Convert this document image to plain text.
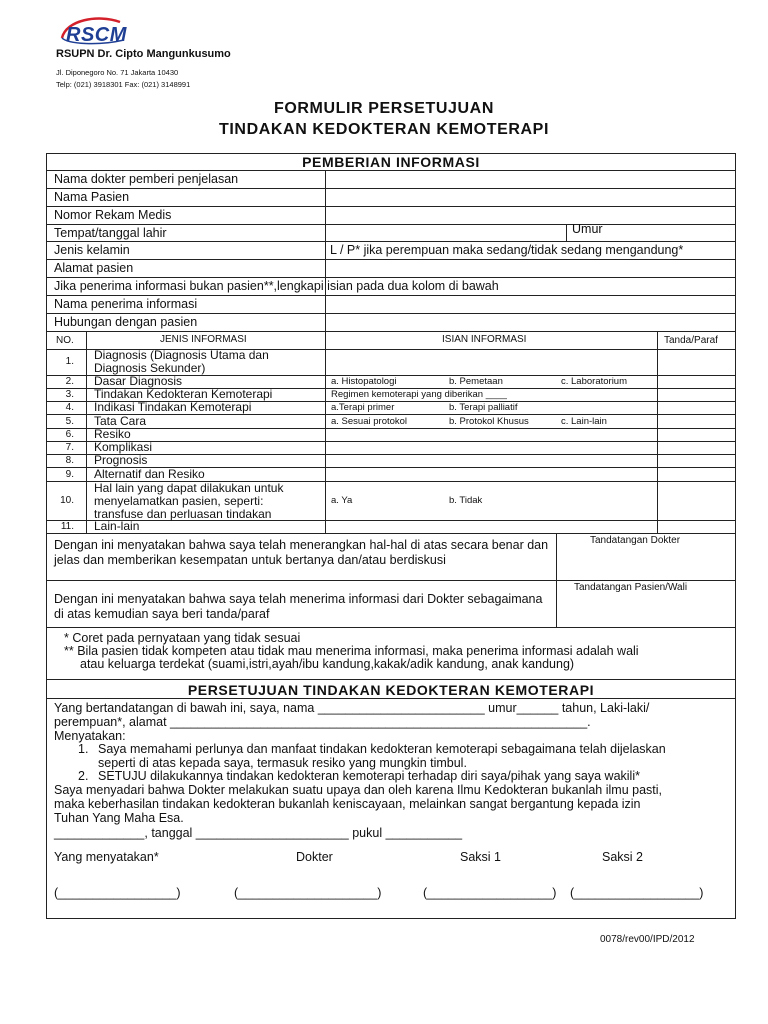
RSCM
RSUPN Dr. Cipto Mangunkusumo
Jl. Diponegoro No. 71 Jakarta 10430
Telp: (021) 3918301 Fax: (021) 3148991
FORMULIR PERSETUJUAN
TINDAKAN KEDOKTERAN KEMOTERAPI
PEMBERIAN INFORMASI
Nama dokter pemberi penjelasan
Nama Pasien
Nomor Rekam Medis
Tempat/tanggal lahir	Umur
Jenis kelamin	L / P* jika perempuan maka sedang/tidak sedang mengandung*
Alamat pasien
Jika penerima informasi bukan pasien**,lengkapi isian pada dua kolom di bawah
Nama penerima informasi
Hubungan dengan pasien
NO.	JENIS INFORMASI	ISIAN INFORMASI	Tanda/Paraf
1. Diagnosis (Diagnosis Utama dan
Diagnosis Sekunder)
2. Dasar Diagnosis	a. Histopatologi	b. Pemetaan	c. Laboratorium
3. Tindakan Kedokteran Kemoterapi	Regimen kemoterapi yang diberikan ____
4. Indikasi Tindakan Kemoterapi	a.Terapi primer	b. Terapi palliatif
5. Tata Cara	a. Sesuai protokol	b. Protokol Khusus	c. Lain-lain
6. Resiko
7. Komplikasi
8. Prognosis
9. Alternatif dan Resiko
10.
Hal lain yang dapat dilakukan untuk
menyelamatkan pasien, seperti:
transfuse dan perluasan tindakan
a. Ya	b. Tidak
11. Lain-lain
Dengan ini menyatakan bahwa saya telah menerangkan hal-hal di atas secara benar dan jelas dan memberikan kesempatan untuk bertanya dan/atau berdiskusi
Tandatangan Dokter
Dengan ini menyatakan bahwa saya telah menerima informasi dari Dokter sebagaimana di atas kemudian saya beri tanda/paraf
Tandatangan Pasien/Wali
* Coret pada pernyataan yang tidak sesuai
** Bila pasien tidak kompeten atau tidak mau menerima informasi, maka penerima informasi adalah wali
atau keluarga terdekat (suami,istri,ayah/ibu kandung,kakak/adik kandung, anak kandung)
PERSETUJUAN TINDAKAN KEDOKTERAN KEMOTERAPI
Yang bertandatangan di bawah ini, saya, nama ________________________ umur______ tahun, Laki-laki/
perempuan*, alamat ____________________________________________________________.
Menyatakan:
1. Saya memahami perlunya dan manfaat tindakan kedokteran kemoterapi sebagaimana telah dijelaskan
seperti di atas kepada saya, termasuk resiko yang mungkin timbul.
2. SETUJU dilakukannya tindakan kedokteran kemoterapi terhadap diri saya/pihak yang saya wakili*
Saya menyadari bahwa Dokter melakukan suatu upaya dan oleh karena Ilmu Kedokteran bukanlah ilmu pasti,
maka keberhasilan tindakan kedokteran bukanlah keniscayaan, melainkan sangat bergantung kepada izin
Tuhan Yang Maha Esa.
_____________, tanggal ______________________ pukul ___________
Yang menyatakan*	Dokter	Saksi 1	Saksi 2
(_________________)	(____________________)	(__________________) (__________________)
0078/rev00/IPD/2012
